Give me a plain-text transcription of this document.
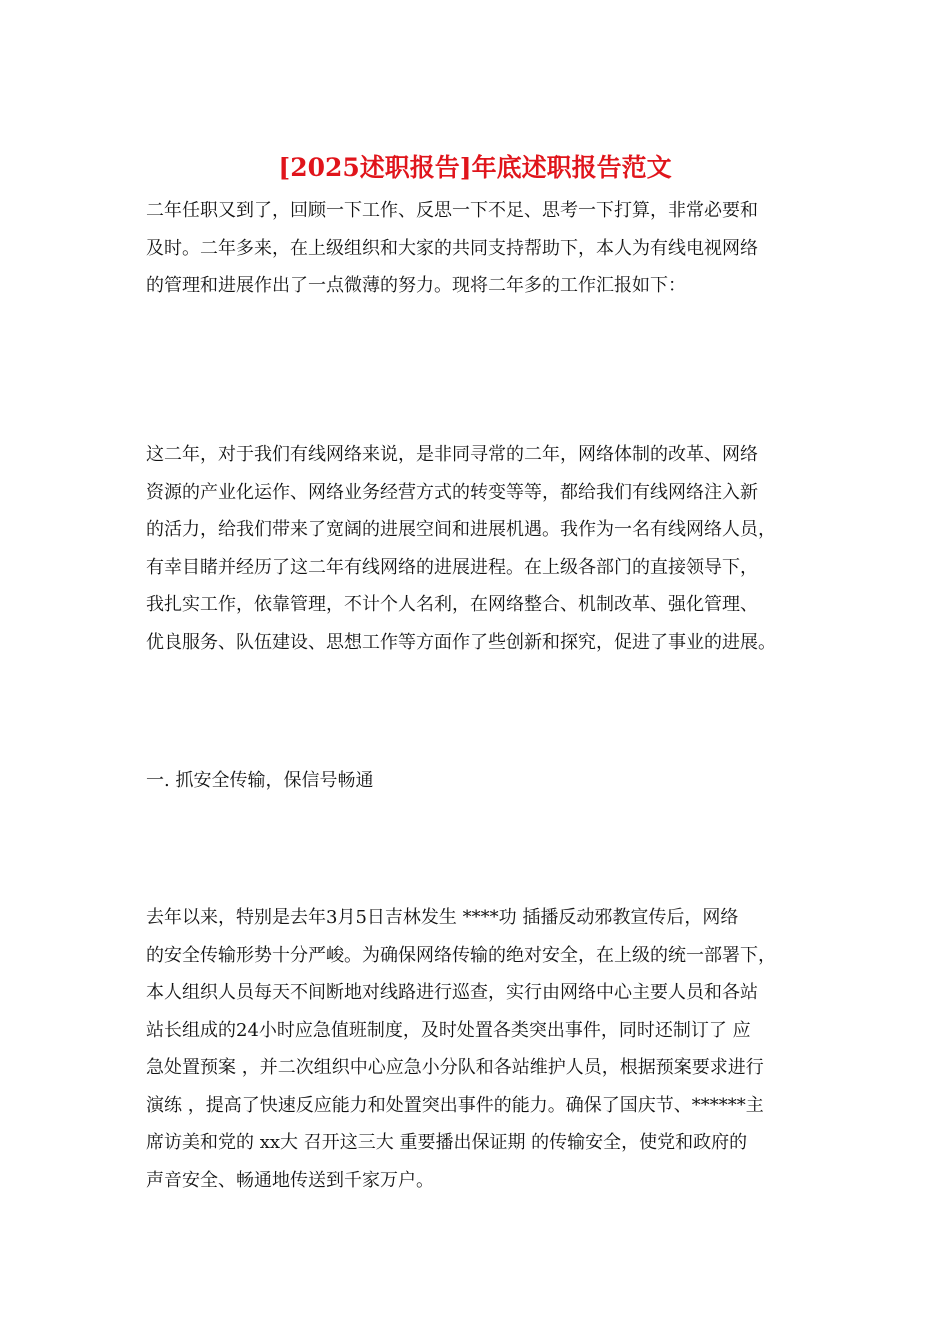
[2025述职报告]年底述职报告范文

二年任职又到了，回顾一下工作、反思一下不足、思考一下打算，非常必要和
及时。二年多来，在上级组织和大家的共同支持帮助下，本人为有线电视网络
的管理和进展作出了一点微薄的努力。现将二年多的工作汇报如下：

这二年，对于我们有线网络来说，是非同寻常的二年，网络体制的改革、网络
资源的产业化运作、网络业务经营方式的转变等等，都给我们有线网络注入新
的活力，给我们带来了宽阔的进展空间和进展机遇。我作为一名有线网络人员，
有幸目睹并经历了这二年有线网络的进展进程。在上级各部门的直接领导下，
我扎实工作，依靠管理，不计个人名利，在网络整合、机制改革、强化管理、
优良服务、队伍建设、思想工作等方面作了些创新和探究，促进了事业的进展。

一. 抓安全传输，保信号畅通

去年以来，特别是去年3月5日吉林发生 ****功 插播反动邪教宣传后，网络
的安全传输形势十分严峻。为确保网络传输的绝对安全，在上级的统一部署下，
本人组织人员每天不间断地对线路进行巡查，实行由网络中心主要人员和各站
站长组成的24小时应急值班制度，及时处置各类突出事件，同时还制订了 应
急处置预案 ，并二次组织中心应急小分队和各站维护人员，根据预案要求进行
演练 ，提高了快速反应能力和处置突出事件的能力。确保了国庆节、******主
席访美和党的 xx大 召开这三大 重要播出保证期 的传输安全，使党和政府的
声音安全、畅通地传送到千家万户。
